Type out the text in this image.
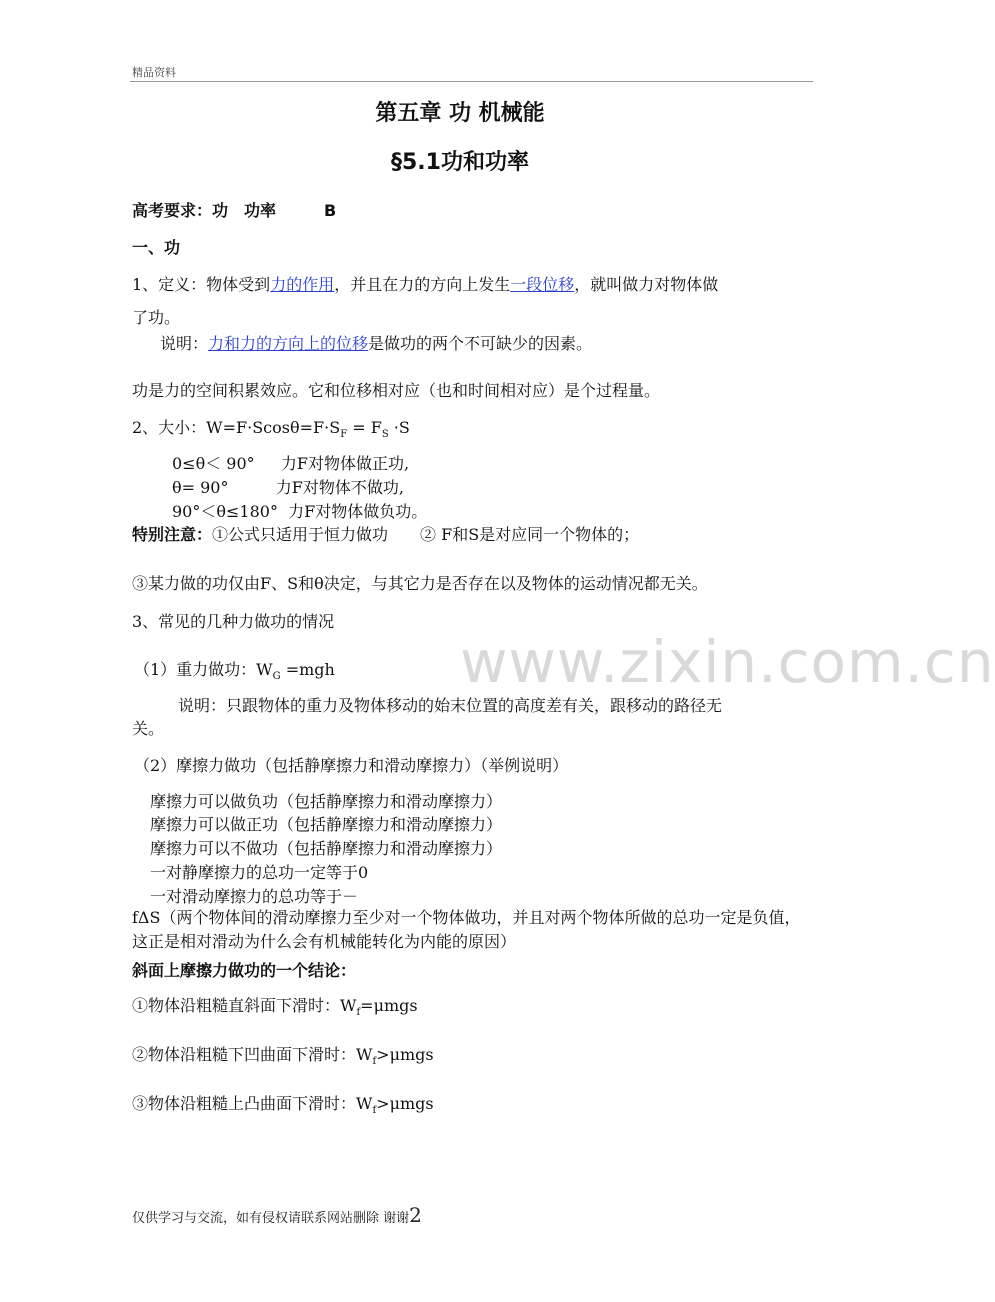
精品资料
www.zixin.com.cn
第五章 功 机械能
§5.1功和功率
高考要求：功　功率　　　B
一、功
1、定义：物体受到力的作用，并且在力的方向上发生一段位移，就叫做力对物体做
了功。
说明：力和力的方向上的位移是做功的两个不可缺少的因素。
功是力的空间积累效应。它和位移相对应（也和时间相对应）是个过程量。
2、大小：$W=F\cdot Scos\theta=F\cdot S_F = F_S \cdot S$
0≤θ＜ 90°　  力F对物体做正功,
θ= 90°　　   力F对物体不做功,
90°＜θ≤180°  力F对物体做负功。
特别注意：①公式只适用于恒力做功　　② F和S是对应同一个物体的；
③某力做的功仅由F、S和θ决定，与其它力是否存在以及物体的运动情况都无关。
3、常见的几种力做功的情况
（1）重力做功：$W_G =mgh$
说明：只跟物体的重力及物体移动的始末位置的高度差有关，跟移动的路径无
关。
（2）摩擦力做功（包括静摩擦力和滑动摩擦力）（举例说明）
摩擦力可以做负功（包括静摩擦力和滑动摩擦力）
摩擦力可以做正功（包括静摩擦力和滑动摩擦力）
摩擦力可以不做功（包括静摩擦力和滑动摩擦力）
一对静摩擦力的总功一定等于0
一对滑动摩擦力的总功等于－
fΔS（两个物体间的滑动摩擦力至少对一个物体做功，并且对两个物体所做的总功一定是负值，这正是相对滑动为什么会有机械能转化为内能的原因）
斜面上摩擦力做功的一个结论：
①物体沿粗糙直斜面下滑时：$W_f=\mu mgs$
②物体沿粗糙下凹曲面下滑时：$W_f>\mu mgs$
③物体沿粗糙上凸曲面下滑时：$W_f>\mu mgs$
仅供学习与交流，如有侵权请联系网站删除 谢谢2
